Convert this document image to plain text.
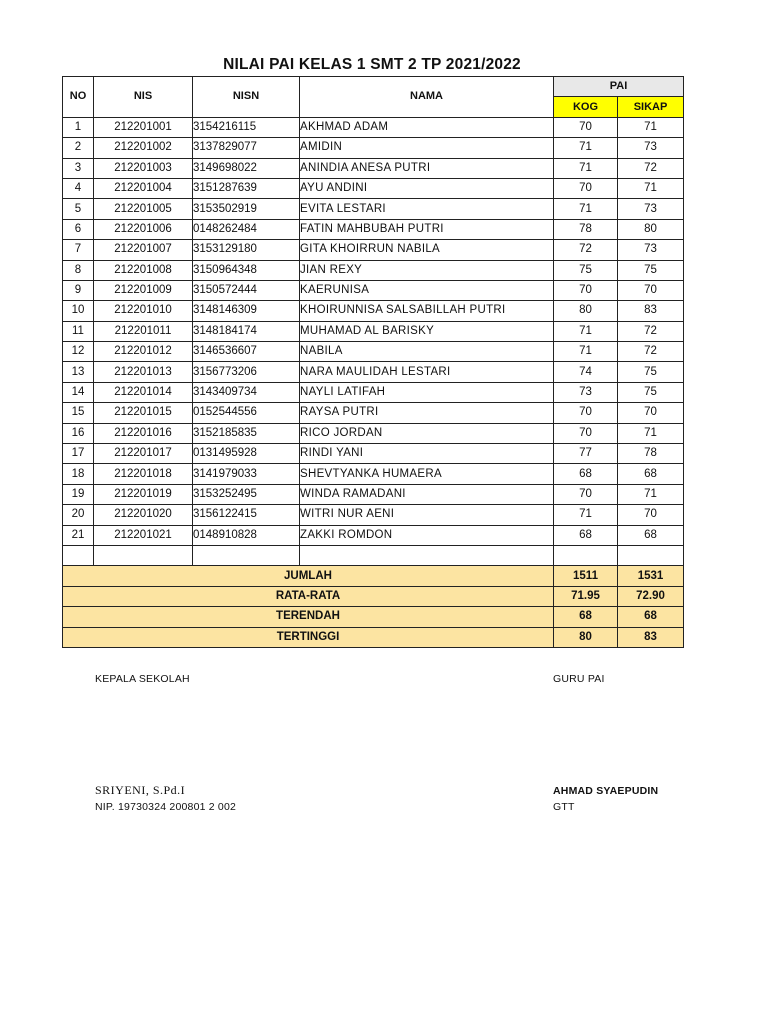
NILAI PAI KELAS 1 SMT 2 TP 2021/2022
NO	NIS	NISN	NAMA	PAI	
				KOG	SIKAP
1	212201001	3154216115	AKHMAD ADAM	70	71
2	212201002	3137829077	AMIDIN	71	73
3	212201003	3149698022	ANINDIA ANESA PUTRI	71	72
4	212201004	3151287639	AYU ANDINI	70	71
5	212201005	3153502919	EVITA LESTARI	71	73
6	212201006	0148262484	FATIN MAHBUBAH PUTRI	78	80
7	212201007	3153129180	GITA KHOIRRUN NABILA	72	73
8	212201008	3150964348	JIAN REXY	75	75
9	212201009	3150572444	KAERUNISA	70	70
10	212201010	3148146309	KHOIRUNNISA SALSABILLAH PUTRI	80	83
11	212201011	3148184174	MUHAMAD AL BARISKY	71	72
12	212201012	3146536607	NABILA	71	72
13	212201013	3156773206	NARA MAULIDAH LESTARI	74	75
14	212201014	3143409734	NAYLI LATIFAH	73	75
15	212201015	0152544556	RAYSA PUTRI	70	70
16	212201016	3152185835	RICO JORDAN	70	71
17	212201017	0131495928	RINDI YANI	77	78
18	212201018	3141979033	SHEVTYANKA HUMAERA	68	68
19	212201019	3153252495	WINDA RAMADANI	70	71
20	212201020	3156122415	WITRI NUR AENI	71	70
21	212201021	0148910828	ZAKKI ROMDON	68	68

JUMLAH				1511	1531
RATA-RATA				71.95	72.90
TERENDAH				68	68
TERTINGGI				80	83
KEPALA SEKOLAH	GURU PAI
SRIYENI, S.Pd.I	AHMAD SYAEPUDIN
NIP. 19730324 200801 2 002	GTT
